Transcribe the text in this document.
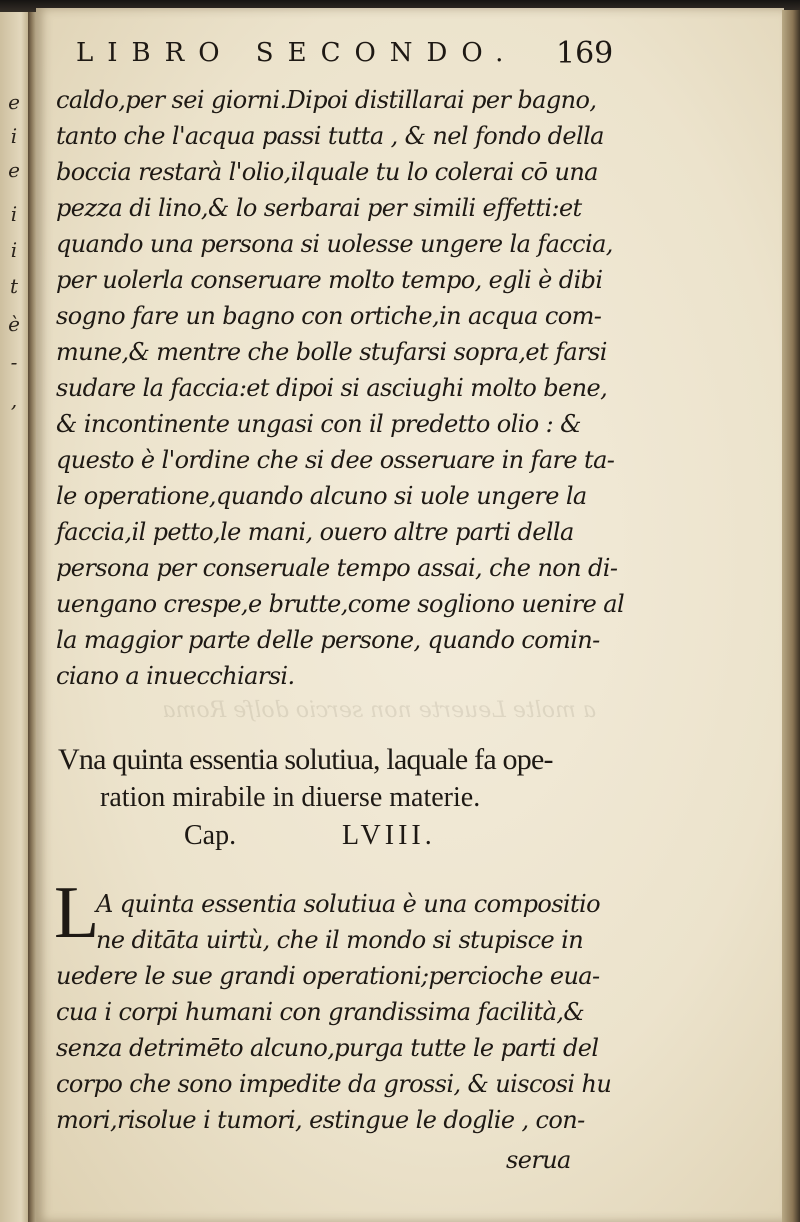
e
i
e
i
i
t
è
-
,
LIBRO SECONDO.	169
caldo,per sei giorni.Dipoi distillarai per bagno,
tanto che l'acqua passi tutta , & nel fondo della
boccia restarà l'olio,ilquale tu lo colerai cō una
pezza di lino,& lo serbarai per simili effetti:et
quando una persona si uolesse ungere la faccia,
per uolerla conseruare molto tempo, egli è dibi
sogno fare un bagno con ortiche,in acqua com-
mune,& mentre che bolle stufarsi sopra,et farsi
sudare la faccia:et dipoi si asciughi molto bene,
& incontinente ungasi con il predetto olio : &
questo è l'ordine che si dee osseruare in fare ta-
le operatione,quando alcuno si uole ungere la
faccia,il petto,le mani, ouero altre parti della
persona per conseruale tempo assai, che non di-
uengano crespe,e brutte,come sogliono uenire al
la maggior parte delle persone, quando comin-
ciano a inuecchiarsi.
a molte Leuerte non sercio dolfe Roma
Vna quinta essentia solutiua, laquale fa ope-
ration mirabile in diuerse materie.
Cap.	LVIII.
L
A quinta essentia solutiua è una compositio
ne ditāta uirtù, che il mondo si stupisce in
uedere le sue grandi operationi;percioche eua-
cua i corpi humani con grandissima facilità,&
senza detrimēto alcuno,purga tutte le parti del
corpo che sono impedite da grossi, & uiscosi hu
mori,risolue i tumori, estingue le doglie , con-
serua
